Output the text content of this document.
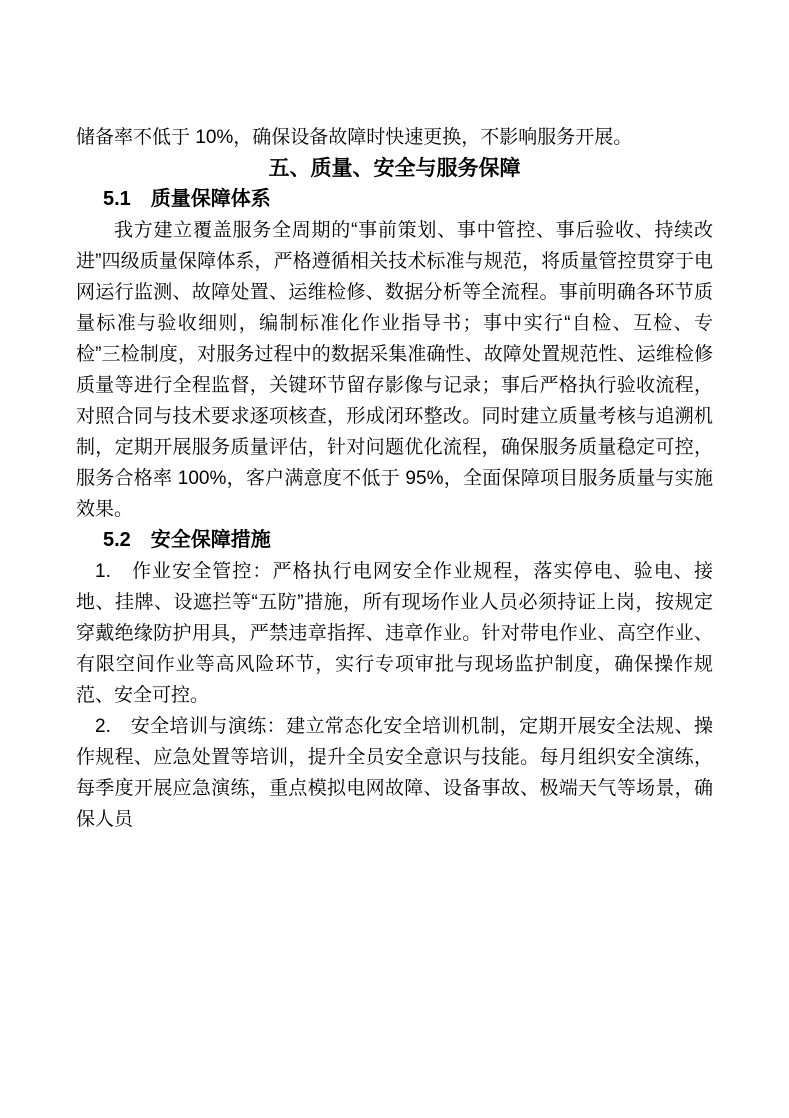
储备率不低于 10%，确保设备故障时快速更换，不影响服务开展。

五、质量、安全与服务保障
5.1　质量保障体系

我方建立覆盖服务全周期的“事前策划、事中管控、事后验收、持续改进”四级质量保障体系，严格遵循相关技术标准与规范，将质量管控贯穿于电网运行监测、故障处置、运维检修、数据分析等全流程。事前明确各环节质量标准与验收细则，编制标准化作业指导书；事中实行“自检、互检、专检”三检制度，对服务过程中的数据采集准确性、故障处置规范性、运维检修质量等进行全程监督，关键环节留存影像与记录；事后严格执行验收流程，对照合同与技术要求逐项核查，形成闭环整改。同时建立质量考核与追溯机制，定期开展服务质量评估，针对问题优化流程，确保服务质量稳定可控，服务合格率 100%，客户满意度不低于 95%，全面保障项目服务质量与实施效果。

5.2　安全保障措施

1.　作业安全管控：严格执行电网安全作业规程，落实停电、验电、接地、挂牌、设遮拦等“五防”措施，所有现场作业人员必须持证上岗，按规定穿戴绝缘防护用具，严禁违章指挥、违章作业。针对带电作业、高空作业、有限空间作业等高风险环节，实行专项审批与现场监护制度，确保操作规范、安全可控。

2.　安全培训与演练：建立常态化安全培训机制，定期开展安全法规、操作规程、应急处置等培训，提升全员安全意识与技能。每月组织安全演练，每季度开展应急演练，重点模拟电网故障、设备事故、极端天气等场景，确保人员
